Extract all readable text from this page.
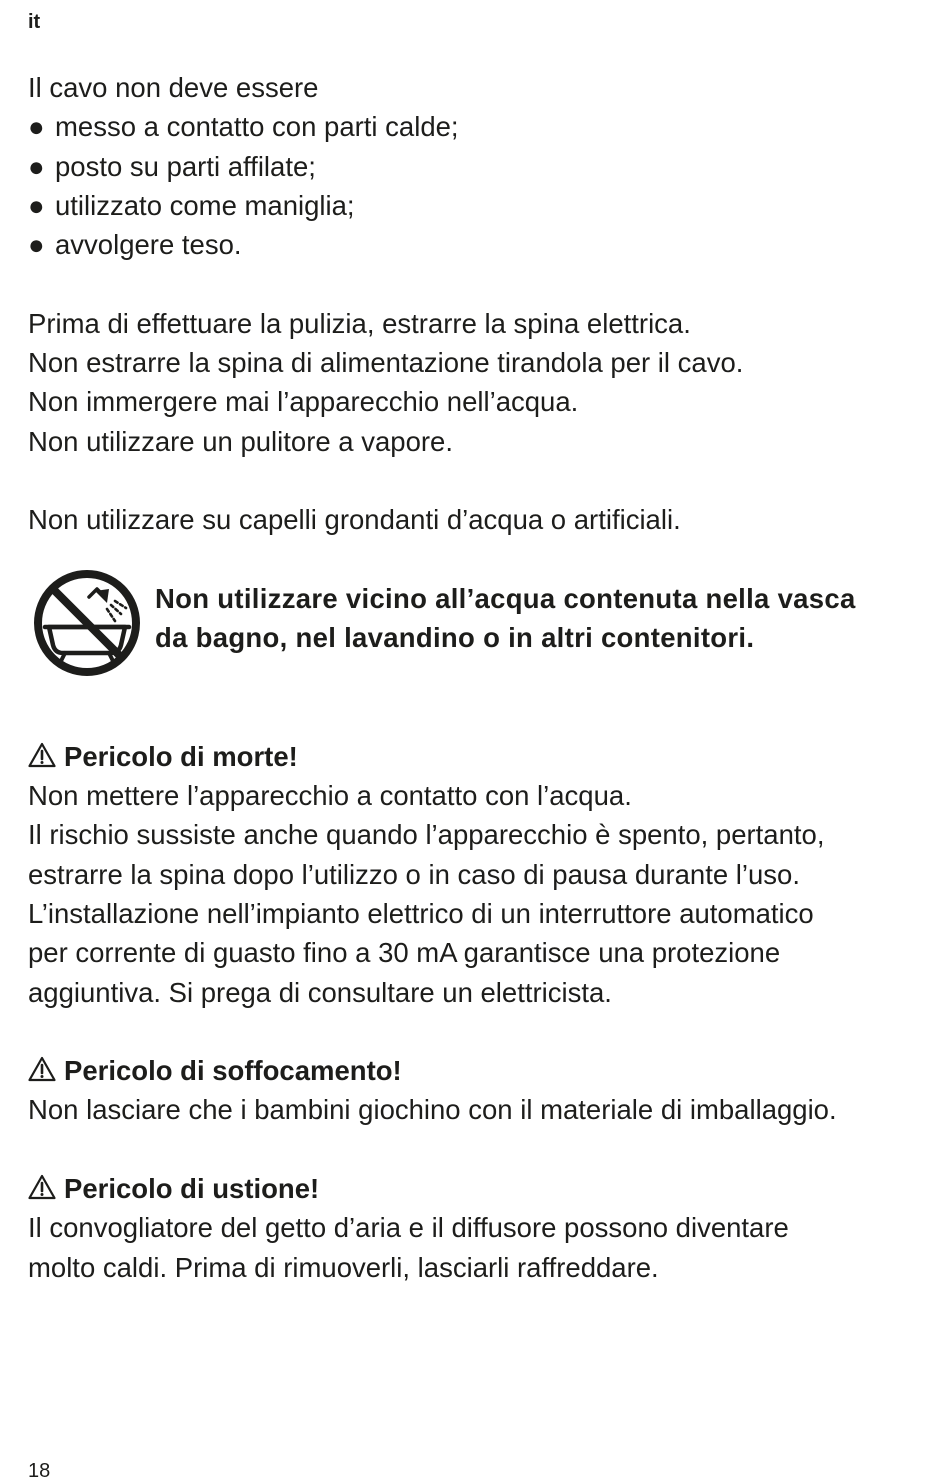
it
Il cavo non deve essere
● messo a contatto con parti calde;
● posto su parti affilate;
● utilizzato come maniglia;
● avvolgere teso.
Prima di effettuare la pulizia, estrarre la spina elettrica.
Non estrarre la spina di alimentazione tirandola per il cavo.
Non immergere mai l’apparecchio nell’acqua.
Non utilizzare un pulitore a vapore.
Non utilizzare su capelli grondanti d’acqua o artificiali.
Non utilizzare vicino all’acqua contenuta nella vasca
da bagno, nel lavandino o in altri contenitori.
Pericolo di morte!
Non mettere l’apparecchio a contatto con l’acqua.
Il rischio sussiste anche quando l’apparecchio è spento, pertanto,
estrarre la spina dopo l’utilizzo o in caso di pausa durante l’uso.
L’installazione nell’impianto elettrico di un interruttore automatico
per corrente di guasto fino a 30 mA garantisce una protezione
aggiuntiva. Si prega di consultare un elettricista.
Pericolo di soffocamento!
Non lasciare che i bambini giochino con il materiale di imballaggio.
Pericolo di ustione!
Il convogliatore del getto d’aria e il diffusore possono diventare
molto caldi. Prima di rimuoverli, lasciarli raffreddare.
18
